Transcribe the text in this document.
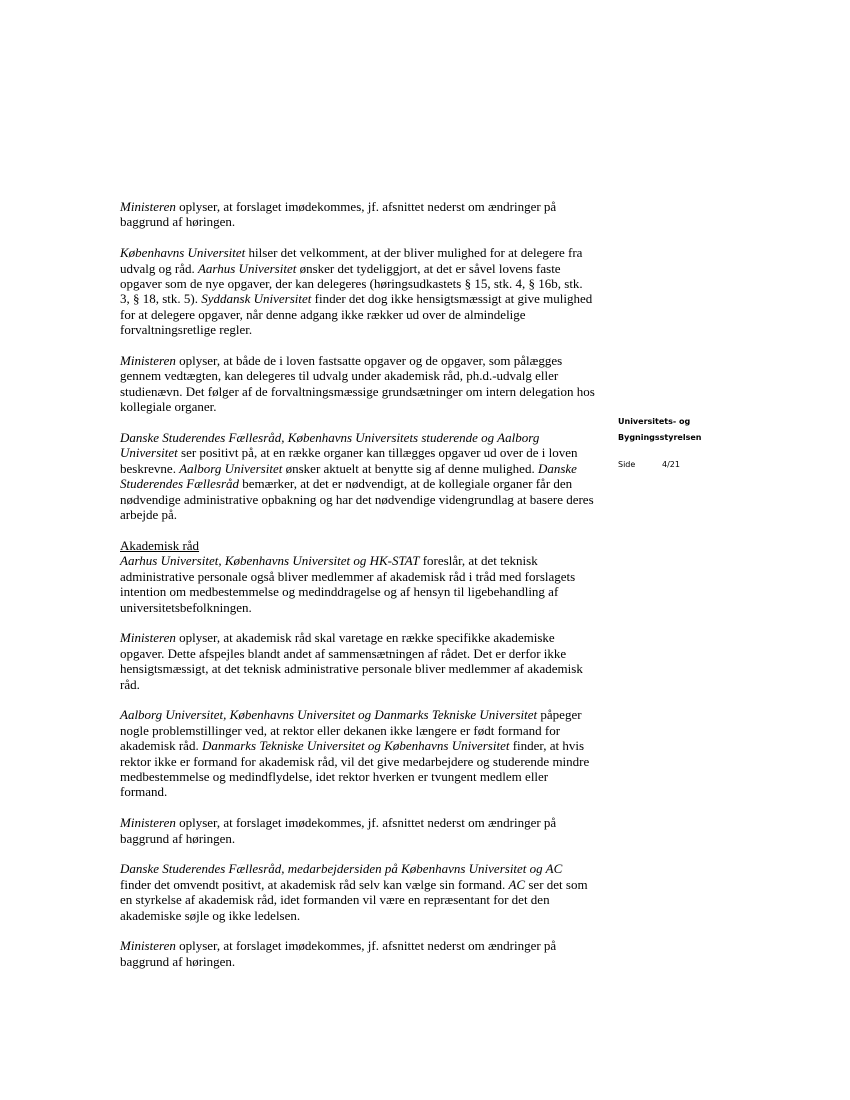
Ministeren oplyser, at forslaget imødekommes, jf. afsnittet nederst om ændringer på baggrund af høringen.

Københavns Universitet hilser det velkomment, at der bliver mulighed for at delegere fra udvalg og råd. Aarhus Universitet ønsker det tydeliggjort, at det er såvel lovens faste opgaver som de nye opgaver, der kan delegeres (høringsudkastets § 15, stk. 4, § 16b, stk. 3, § 18, stk. 5). Syddansk Universitet finder det dog ikke hensigtsmæssigt at give mulighed for at delegere opgaver, når denne adgang ikke rækker ud over de almindelige forvaltningsretlige regler.

Ministeren oplyser, at både de i loven fastsatte opgaver og de opgaver, som pålægges gennem vedtægten, kan delegeres til udvalg under akademisk råd, ph.d.-udvalg eller studienævn. Det følger af de forvaltningsmæssige grundsætninger om intern delegation hos kollegiale organer.

Danske Studerendes Fællesråd, Københavns Universitets studerende og Aalborg Universitet ser positivt på, at en række organer kan tillægges opgaver ud over de i loven beskrevne. Aalborg Universitet ønsker aktuelt at benytte sig af denne mulighed. Danske Studerendes Fællesråd bemærker, at det er nødvendigt, at de kollegiale organer får den nødvendige administrative opbakning og har det nødvendige videngrundlag at basere deres arbejde på.

Akademisk råd

Aarhus Universitet, Københavns Universitet og HK-STAT foreslår, at det teknisk administrative personale også bliver medlemmer af akademisk råd i tråd med forslagets intention om medbestemmelse og medinddragelse og af hensyn til ligebehandling af universitetsbefolkningen.

Ministeren oplyser, at akademisk råd skal varetage en række specifikke akademiske opgaver. Dette afspejles blandt andet af sammensætningen af rådet. Det er derfor ikke hensigtsmæssigt, at det teknisk administrative personale bliver medlemmer af akademisk råd.

Aalborg Universitet, Københavns Universitet og Danmarks Tekniske Universitet påpeger nogle problemstillinger ved, at rektor eller dekanen ikke længere er født formand for akademisk råd. Danmarks Tekniske Universitet og Københavns Universitet finder, at hvis rektor ikke er formand for akademisk råd, vil det give medarbejdere og studerende mindre medbestemmelse og medindflydelse, idet rektor hverken er tvungent medlem eller formand.

Ministeren oplyser, at forslaget imødekommes, jf. afsnittet nederst om ændringer på baggrund af høringen.

Danske Studerendes Fællesråd, medarbejdersiden på Københavns Universitet og AC finder det omvendt positivt, at akademisk råd selv kan vælge sin formand. AC ser det som en styrkelse af akademisk råd, idet formanden vil være en repræsentant for det den akademiske søjle og ikke ledelsen.

Ministeren oplyser, at forslaget imødekommes, jf. afsnittet nederst om ændringer på baggrund af høringen.

Universitets- og
Bygningsstyrelsen
Side	4/21
